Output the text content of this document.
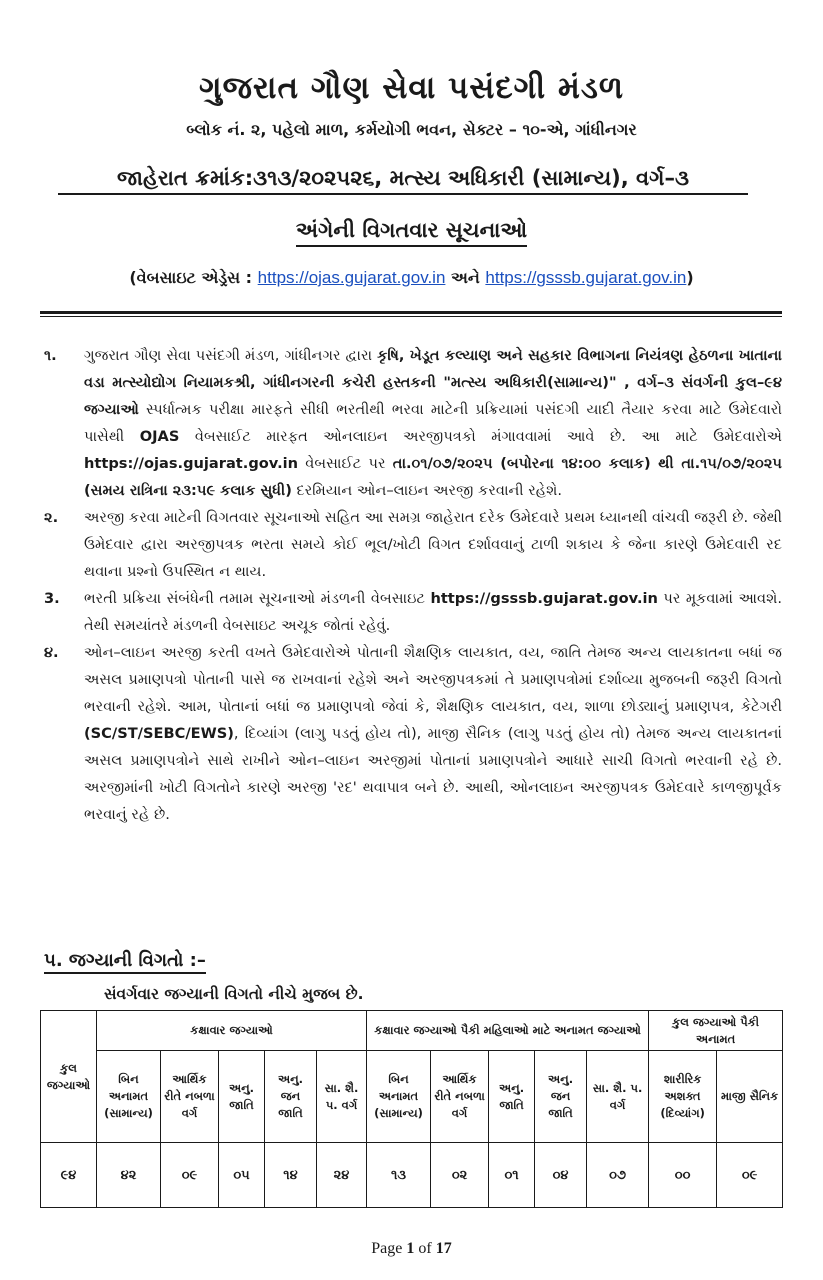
ગુજરાત ગૌણ સેવા પસંદગી મંડળ
બ્લોક નં. ૨, પહેલો માળ, કર્મયોગી ભવન, સેક્ટર – ૧૦-એ, ગાંધીનગર
જાહેરાત ક્રમાંક:૩૧૩/૨૦૨૫૨૬, મત્સ્ય અધિકારી (સામાન્ય), વર્ગ–૩
અંગેની વિગતવાર સૂચનાઓ
(વેબસાઇટ એડ્રેસ : https://ojas.gujarat.gov.in અને https://gsssb.gujarat.gov.in)
૧.	ગુજરાત ગૌણ સેવા પસંદગી મંડળ, ગાંધીનગર દ્વારા કૃષિ, ખેડૂત કલ્યાણ અને સહકાર વિભાગના નિયંત્રણ હેઠળના ખાતાના વડા મત્સ્યોદ્યોગ નિયામકશ્રી, ગાંધીનગરની કચેરી હસ્તકની "મત્સ્ય અધિકારી(સામાન્ય)" , વર્ગ–૩ સંવર્ગની કુલ–૯૪ જગ્યાઓ સ્પર્ધાત્મક પરીક્ષા મારફતે સીધી ભરતીથી ભરવા માટેની પ્રક્રિયામાં પસંદગી યાદી તૈયાર કરવા માટે ઉમેદવારો પાસેથી OJAS વેબસાઈટ મારફત ઓનલાઇન અરજીપત્રકો મંગાવવામાં આવે છે. આ માટે ઉમેદવારોએ https://ojas.gujarat.gov.in વેબસાઈટ પર તા.૦૧/૦૭/૨૦૨૫ (બપોરના ૧૪:૦૦ કલાક) થી તા.૧૫/૦૭/૨૦૨૫ (સમય રાત્રિના ૨૩:૫૯ કલાક સુધી) દરમિયાન ઓન–લાઇન અરજી કરવાની રહેશે.
૨.	અરજી કરવા માટેની વિગતવાર સૂચનાઓ સહિત આ સમગ્ર જાહેરાત દરેક ઉમેદવારે પ્રથમ ધ્યાનથી વાંચવી જરૂરી છે. જેથી ઉમેદવાર દ્વારા અરજીપત્રક ભરતા સમયે કોઈ ભૂલ/ખોટી વિગત દર્શાવવાનું ટાળી શકાય કે જેના કારણે ઉમેદવારી રદ થવાના પ્રશ્નો ઉપસ્થિત ન થાય.
3.	ભરતી પ્રક્રિયા સંબંધેની તમામ સૂચનાઓ મંડળની વેબસાઇટ https://gsssb.gujarat.gov.in પર મૂકવામાં આવશે. તેથી સમયાંતરે મંડળની વેબસાઇટ અચૂક જોતાં રહેવું.
૪.	ઓન–લાઇન અરજી કરતી વખતે ઉમેદવારોએ પોતાની શૈક્ષણિક લાયકાત, વય, જાતિ તેમજ અન્ય લાયકાતના બધાં જ અસલ પ્રમાણપત્રો પોતાની પાસે જ રાખવાનાં રહેશે અને અરજીપત્રકમાં તે પ્રમાણપત્રોમાં દર્શાવ્યા મુજબની જરૂરી વિગતો ભરવાની રહેશે. આમ, પોતાનાં બધાં જ પ્રમાણપત્રો જેવાં કે, શૈક્ષણિક લાયકાત, વય, શાળા છોડ્યાનું પ્રમાણપત્ર, કેટેગરી (SC/ST/SEBC/EWS), દિવ્યાંગ (લાગુ પડતું હોય તો), માજી સૈનિક (લાગુ પડતું હોય તો) તેમજ અન્ય લાયકાતનાં અસલ પ્રમાણપત્રોને સાથે રાખીને ઓન–લાઇન અરજીમાં પોતાનાં પ્રમાણપત્રોને આધારે સાચી વિગતો ભરવાની રહે છે. અરજીમાંની ખોટી વિગતોને કારણે અરજી 'રદ' થવાપાત્ર બને છે. આથી, ઓનલાઇન અરજીપત્રક ઉમેદવારે કાળજીપૂર્વક ભરવાનું રહે છે.
૫. જગ્યાની વિગતો :–
સંવર્ગવાર જગ્યાની વિગતો નીચે મુજબ છે.
કુલ જગ્યાઓ	કક્ષાવાર જગ્યાઓ					કક્ષાવાર જગ્યાઓ પૈકી મહિલાઓ માટે અનામત જગ્યાઓ					કુલ જગ્યાઓ પૈકી અનામત	
	બિન અનામત (સામાન્ય)	આર્થિક રીતે નબળા વર્ગ	અનુ. જાતિ	અનુ. જન જાતિ	સા. શૈ. પ. વર્ગ	બિન અનામત (સામાન્ય)	આર્થિક રીતે નબળા વર્ગ	અનુ. જાતિ	અનુ. જન જાતિ	સા. શૈ. પ. વર્ગ	શારીરિક અશક્ત (દિવ્યાંગ)	માજી સૈનિક
૯૪	૪૨	૦૯	૦૫	૧૪	૨૪	૧૩	૦૨	૦૧	૦૪	૦૭	૦૦	૦૯
Page 1 of 17
